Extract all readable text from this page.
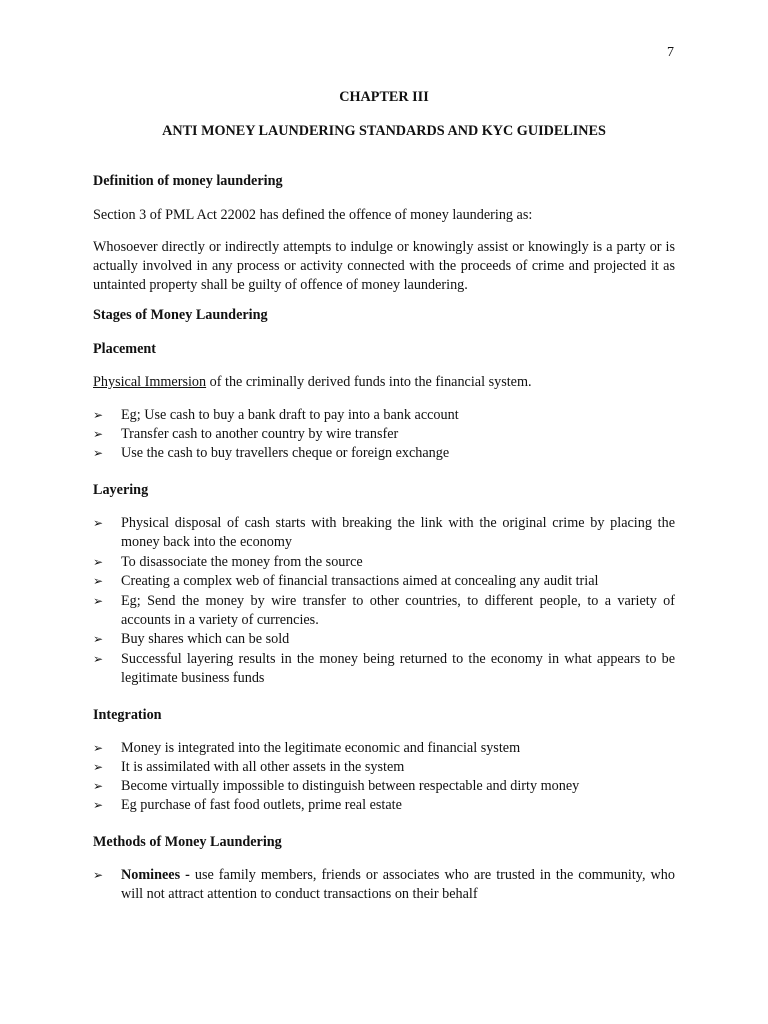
7
CHAPTER III
ANTI MONEY LAUNDERING STANDARDS AND KYC GUIDELINES
Definition of money laundering

Section 3 of PML Act 22002 has defined the offence of money laundering as:

Whosoever directly or indirectly attempts to indulge or knowingly assist or knowingly is a party or is actually involved in any process or activity connected with the proceeds of crime and projected it as untainted property shall be guilty of offence of money laundering.

Stages of Money Laundering
Placement

Physical Immersion of the criminally derived funds into the financial system.

➢	Eg; Use cash to buy a bank draft to pay into a bank account
➢	Transfer cash to another country by wire transfer
➢	Use the cash to buy travellers cheque or foreign exchange
Layering
➢	Physical disposal of cash starts with breaking the link with the original crime by placing the money back into the economy
➢	To disassociate the money from the source
➢	Creating a complex web of financial transactions aimed at concealing any audit trial
➢	Eg; Send the money by wire transfer to other countries, to different people, to a variety of accounts in a variety of currencies.
➢	Buy shares which can be sold
➢	Successful layering results in the money being returned to the economy in what appears to be legitimate business funds
Integration
➢	Money is integrated into the legitimate economic and financial system
➢	It is assimilated with all other assets in the system
➢	Become virtually impossible to distinguish between respectable and dirty money
➢	Eg purchase of fast food outlets, prime real estate
Methods of Money Laundering
➢	Nominees - use family members, friends or associates who are trusted in the community, who will not attract attention to conduct transactions on their behalf
